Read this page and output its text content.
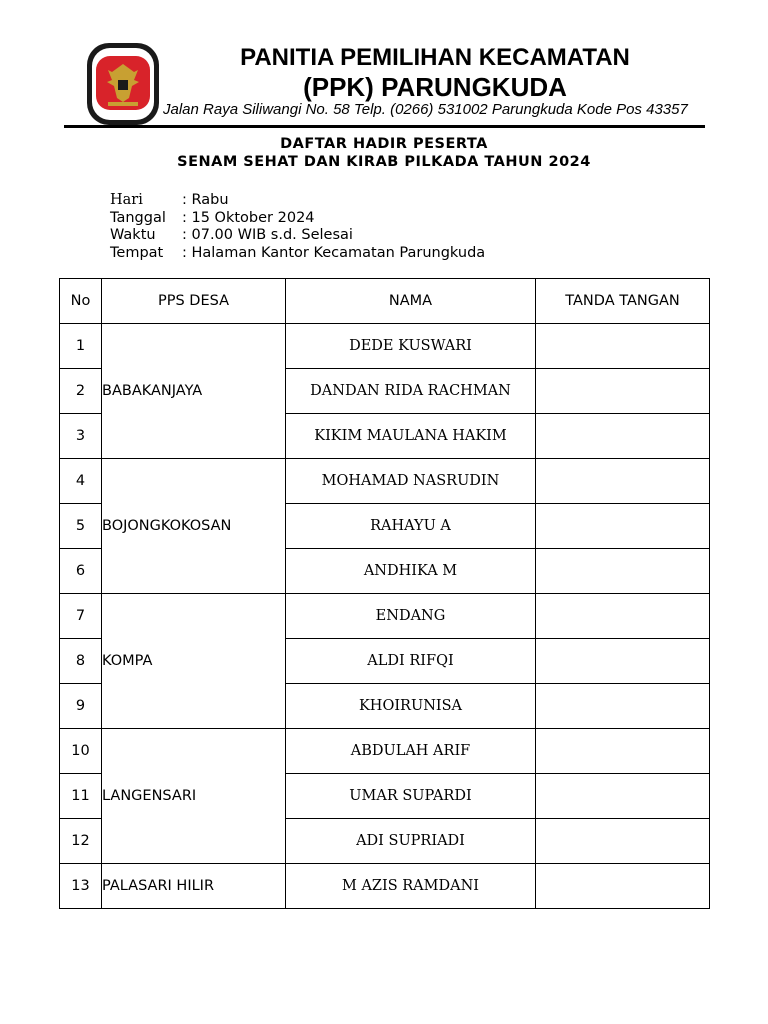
PANITIA PEMILIHAN KECAMATAN
(PPK) PARUNGKUDA
Jalan Raya Siliwangi No. 58 Telp. (0266) 531002 Parungkuda Kode Pos 43357
DAFTAR HADIR PESERTA
SENAM SEHAT DAN KIRAB PILKADA TAHUN 2024
Hari	: Rabu
Tanggal	: 15 Oktober 2024
Waktu	: 07.00 WIB s.d. Selesai
Tempat	: Halaman Kantor Kecamatan Parungkuda
No	PPS DESA	NAMA	TANDA TANGAN
1	BABAKANJAYA	DEDE KUSWARI	
2		DANDAN RIDA RACHMAN	
3		KIKIM MAULANA HAKIM	
4	BOJONGKOKOSAN	MOHAMAD NASRUDIN	
5		RAHAYU A	
6		ANDHIKA M	
7	KOMPA	ENDANG	
8		ALDI RIFQI	
9		KHOIRUNISA	
10	LANGENSARI	ABDULAH ARIF	
11		UMAR SUPARDI	
12		ADI SUPRIADI	
13	PALASARI HILIR	M AZIS RAMDANI	
